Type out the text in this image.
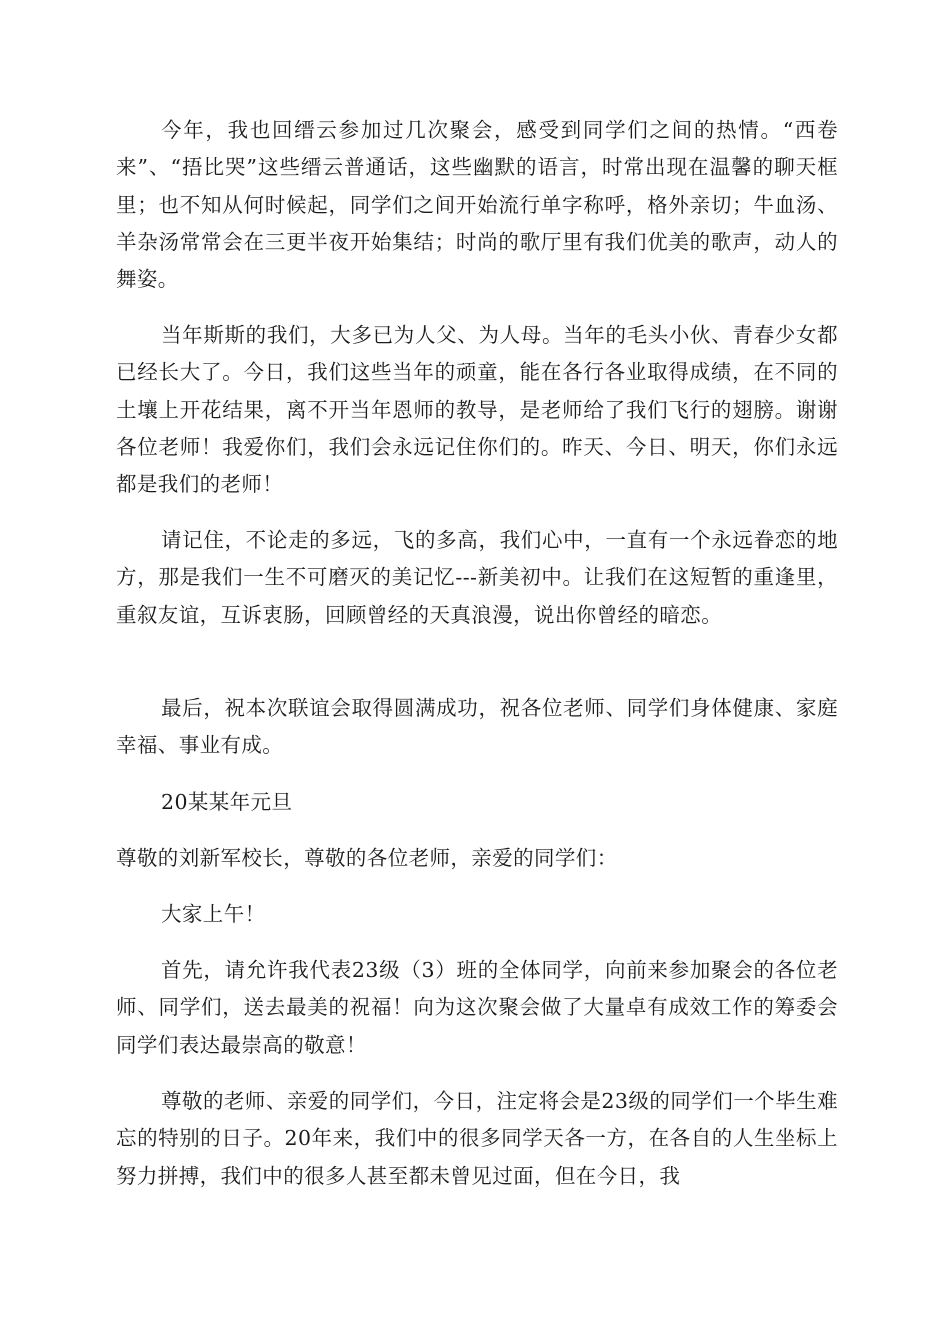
今年，我也回缙云参加过几次聚会，感受到同学们之间的热情。“西卷来”、“捂比哭”这些缙云普通话，这些幽默的语言，时常出现在温馨的聊天框里；也不知从何时候起，同学们之间开始流行单字称呼，格外亲切；牛血汤、羊杂汤常常会在三更半夜开始集结；时尚的歌厅里有我们优美的歌声，动人的舞姿。

当年斯斯的我们，大多已为人父、为人母。当年的毛头小伙、青春少女都已经长大了。今日，我们这些当年的顽童，能在各行各业取得成绩，在不同的土壤上开花结果，离不开当年恩师的教导，是老师给了我们飞行的翅膀。谢谢各位老师！我爱你们，我们会永远记住你们的。昨天、今日、明天，你们永远都是我们的老师！

请记住，不论走的多远，飞的多高，我们心中，一直有一个永远眷恋的地方，那是我们一生不可磨灭的美记忆---新美初中。让我们在这短暂的重逢里，重叙友谊，互诉衷肠，回顾曾经的天真浪漫，说出你曾经的暗恋。

最后，祝本次联谊会取得圆满成功，祝各位老师、同学们身体健康、家庭幸福、事业有成。

20某某年元旦

尊敬的刘新军校长，尊敬的各位老师，亲爱的同学们：

大家上午！

首先，请允许我代表23级（3）班的全体同学，向前来参加聚会的各位老师、同学们，送去最美的祝福！向为这次聚会做了大量卓有成效工作的筹委会同学们表达最崇高的敬意！

尊敬的老师、亲爱的同学们，今日，注定将会是23级的同学们一个毕生难忘的特别的日子。20年来，我们中的很多同学天各一方，在各自的人生坐标上努力拼搏，我们中的很多人甚至都未曾见过面，但在今日，我
